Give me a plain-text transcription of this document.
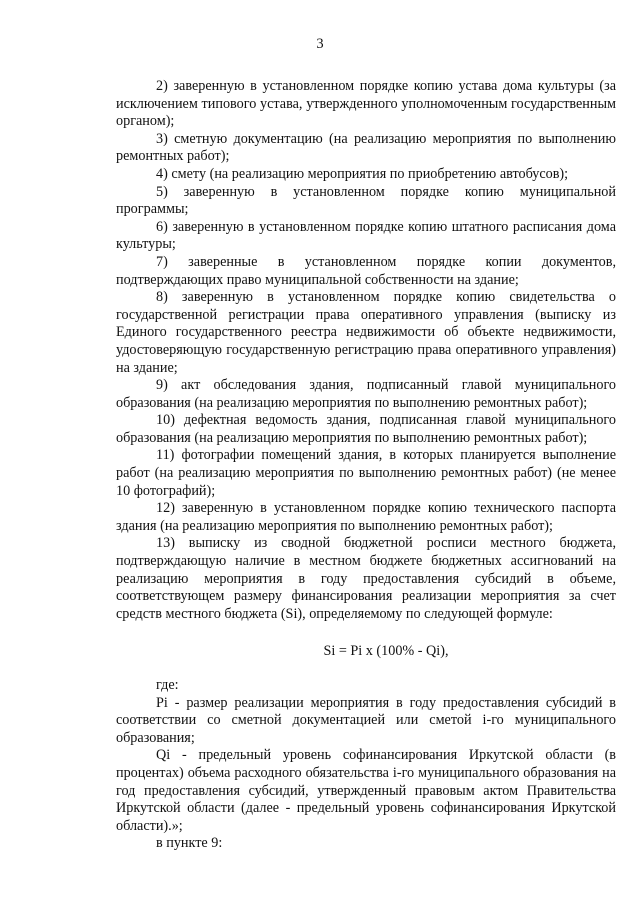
3

2) заверенную в установленном порядке копию устава дома культуры (за исключением типового устава, утвержденного уполномоченным государственным органом);

3) сметную документацию (на реализацию мероприятия по выполнению ремонтных работ);

4) смету (на реализацию мероприятия по приобретению автобусов);

5) заверенную в установленном порядке копию муниципальной программы;

6) заверенную в установленном порядке копию штатного расписания дома культуры;

7) заверенные в установленном порядке копии документов, подтверждающих право муниципальной собственности на здание;

8) заверенную в установленном порядке копию свидетельства о государственной регистрации права оперативного управления (выписку из Единого государственного реестра недвижимости об объекте недвижимости, удостоверяющую государственную регистрацию права оперативного управления) на здание;

9) акт обследования здания, подписанный главой муниципального образования (на реализацию мероприятия по выполнению ремонтных работ);

10) дефектная ведомость здания, подписанная главой муниципального образования (на реализацию мероприятия по выполнению ремонтных работ);

11) фотографии помещений здания, в которых планируется выполнение работ (на реализацию мероприятия по выполнению ремонтных работ) (не менее 10 фотографий);

12) заверенную в установленном порядке копию технического паспорта здания (на реализацию мероприятия по выполнению ремонтных работ);

13) выписку из сводной бюджетной росписи местного бюджета, подтверждающую наличие в местном бюджете бюджетных ассигнований на реализацию мероприятия в году предоставления субсидий в объеме, соответствующем размеру финансирования реализации мероприятия за счет средств местного бюджета (Si), определяемому по следующей формуле:

Si = Pi х (100% - Qi),

где:

Pi - размер реализации мероприятия в году предоставления субсидий в соответствии со сметной документацией или сметой i-го муниципального образования;

Qi - предельный уровень софинансирования Иркутской области (в процентах) объема расходного обязательства i-го муниципального образования на год предоставления субсидий, утвержденный правовым актом Правительства Иркутской области (далее - предельный уровень софинансирования Иркутской области).»;

в пункте 9:
